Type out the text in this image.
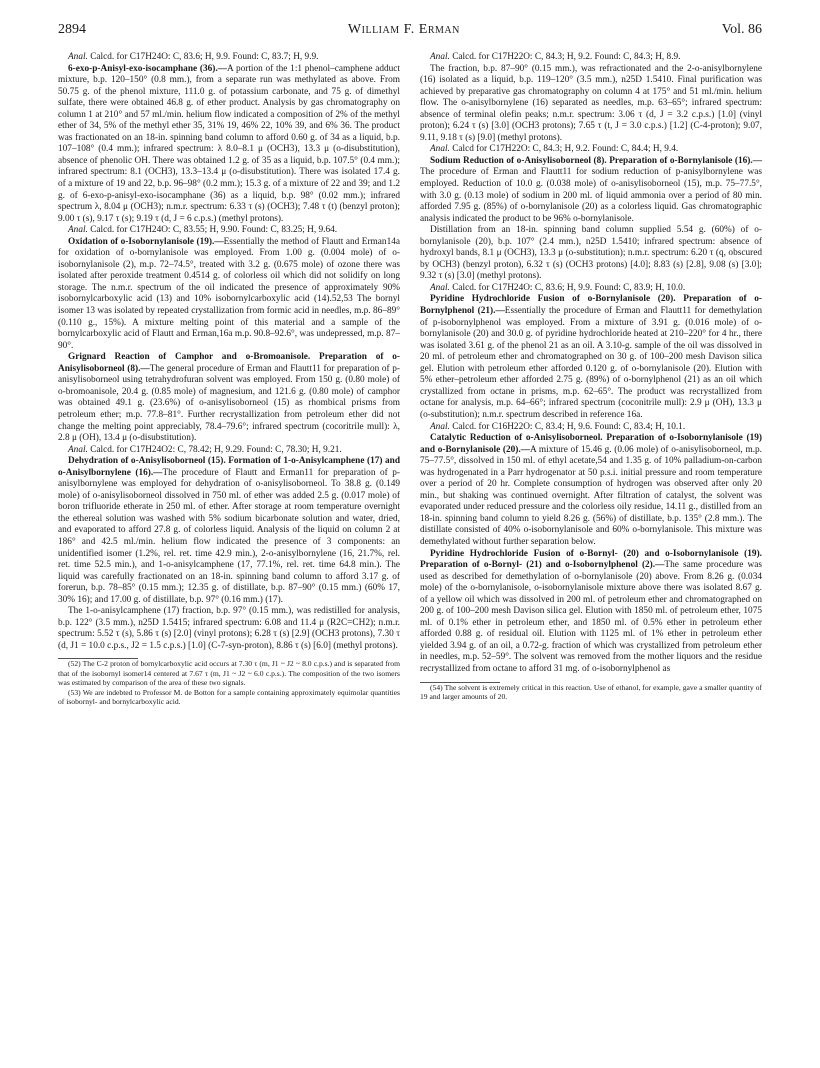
2894	William F. Erman	Vol. 86

Anal. Calcd. for C17H24O: C, 83.6; H, 9.9. Found: C, 83.7; H, 9.9.

6-exo-p-Anisyl-exo-isocamphane (36).—A portion of the 1:1 phenol–camphene adduct mixture, b.p. 120–150° (0.8 mm.), from a separate run was methylated as above. From 50.75 g. of the phenol mixture, 111.0 g. of potassium carbonate, and 75 g. of dimethyl sulfate, there were obtained 46.8 g. of ether product. Analysis by gas chromatography on column 1 at 210° and 57 ml./min. helium flow indicated a composition of 2% of the methyl ether of 34, 5% of the methyl ether 35, 31% 19, 46% 22, 10% 39, and 6% 36. The product was fractionated on an 18-in. spinning band column to afford 0.60 g. of 34 as a liquid, b.p. 107–108° (0.4 mm.); infrared spectrum: λ 8.0–8.1 μ (OCH3), 13.3 μ (o-disubstitution), absence of phenolic OH. There was obtained 1.2 g. of 35 as a liquid, b.p. 107.5° (0.4 mm.); infrared spectrum: 8.1 (OCH3), 13.3–13.4 μ (o-disubstitution). There was isolated 17.4 g. of a mixture of 19 and 22, b.p. 96–98° (0.2 mm.); 15.3 g. of a mixture of 22 and 39; and 1.2 g. of 6-exo-p-anisyl-exo-isocamphane (36) as a liquid, b.p. 98° (0.02 mm.); infrared spectrum λ, 8.04 μ (OCH3); n.m.r. spectrum: 6.33 τ (s) (OCH3); 7.48 τ (t) (benzyl proton); 9.00 τ (s), 9.17 τ (s); 9.19 τ (d, J = 6 c.p.s.) (methyl protons).

Anal. Calcd. for C17H24O: C, 83.55; H, 9.90. Found: C, 83.25; H, 9.64.

Oxidation of o-Isobornylanisole (19).—Essentially the method of Flautt and Erman14a for oxidation of o-bornylanisole was employed. From 1.00 g. (0.004 mole) of o-isobornylanisole (2), m.p. 72–74.5°, treated with 3.2 g. (0.675 mole) of ozone there was isolated after peroxide treatment 0.4514 g. of colorless oil which did not solidify on long storage. The n.m.r. spectrum of the oil indicated the presence of approximately 90% isobornylcarboxylic acid (13) and 10% isobornylcarboxylic acid (14).52,53 The bornyl isomer 13 was isolated by repeated crystallization from formic acid in needles, m.p. 86–89° (0.110 g., 15%). A mixture melting point of this material and a sample of the bornylcarboxylic acid of Flautt and Erman,16a m.p. 90.8–92.6°, was undepressed, m.p. 87–90°.

Grignard Reaction of Camphor and o-Bromoanisole. Preparation of o-Anisylisoborneol (8).—The general procedure of Erman and Flautt11 for preparation of p-anisylisoborneol using tetrahydrofuran solvent was employed. From 150 g. (0.80 mole) of o-bromoanisole, 20.4 g. (0.85 mole) of magnesium, and 121.6 g. (0.80 mole) of camphor was obtained 49.1 g. (23.6%) of o-anisylisoborneol (15) as rhombical prisms from petroleum ether; m.p. 77.8–81°. Further recrystallization from petroleum ether did not change the melting point appreciably, 78.4–79.6°; infrared spectrum (cocoritrile mull): λ, 2.8 μ (OH), 13.4 μ (o-disubstitution).

Anal. Calcd. for C17H24O2: C, 78.42; H, 9.29. Found: C, 78.30; H, 9.21.

Dehydration of o-Anisylisoborneol (15). Formation of 1-o-Anisylcamphene (17) and o-Anisylbornylene (16).—The procedure of Flautt and Erman11 for preparation of p-anisylbornylene was employed for dehydration of o-anisylisoborneol. To 38.8 g. (0.149 mole) of o-anisylisoborneol dissolved in 750 ml. of ether was added 2.5 g. (0.017 mole) of boron trifluoride etherate in 250 ml. of ether. After storage at room temperature overnight the ethereal solution was washed with 5% sodium bicarbonate solution and water, dried, and evaporated to afford 27.8 g. of colorless liquid. Analysis of the liquid on column 2 at 186° and 42.5 ml./min. helium flow indicated the presence of 3 components: an unidentified isomer (1.2%, rel. ret. time 42.9 min.), 2-o-anisylbornylene (16, 21.7%, rel. ret. time 52.5 min.), and 1-o-anisylcamphene (17, 77.1%, rel. ret. time 64.8 min.). The liquid was carefully fractionated on an 18-in. spinning band column to afford 3.17 g. of forerun, b.p. 78–85° (0.15 mm.); 12.35 g. of distillate, b.p. 87–90° (0.15 mm.) (60% 17, 30% 16); and 17.00 g. of distillate, b.p. 97° (0.16 mm.) (17).

The 1-o-anisylcamphene (17) fraction, b.p. 97° (0.15 mm.), was redistilled for analysis, b.p. 122° (3.5 mm.), n25D 1.5415; infrared spectrum: 6.08 and 11.4 μ (R2C=CH2); n.m.r. spectrum: 5.52 τ (s), 5.86 τ (s) [2.0] (vinyl protons); 6.28 τ (s) [2.9] (OCH3 protons), 7.30 τ (d, J1 = 10.0 c.p.s., J2 = 1.5 c.p.s.) [1.0] (C-7-syn-proton), 8.86 τ (s) [6.0] (methyl protons).

(52) The C-2 proton of bornylcarboxylic acid occurs at 7.30 τ (m, J1 ~ J2 ~ 8.0 c.p.s.) and is separated from that of the isobornyl isomer14 centered at 7.67 τ (m, J1 ~ J2 ~ 6.0 c.p.s.). The composition of the two isomers was estimated by comparison of the area of these two signals.

(53) We are indebted to Professor M. de Botton for a sample containing approximately equimolar quantities of isobornyl- and bornylcarboxylic acid.

Anal. Calcd. for C17H22O: C, 84.3; H, 9.2. Found: C, 84.3; H, 8.9.

The fraction, b.p. 87–90° (0.15 mm.), was refractionated and the 2-o-anisylbornylene (16) isolated as a liquid, b.p. 119–120° (3.5 mm.), n25D 1.5410. Final purification was achieved by preparative gas chromatography on column 4 at 175° and 51 ml./min. helium flow. The o-anisylbornylene (16) separated as needles, m.p. 63–65°; infrared spectrum: absence of terminal olefin peaks; n.m.r. spectrum: 3.06 τ (d, J = 3.2 c.p.s.) [1.0] (vinyl proton); 6.24 τ (s) [3.0] (OCH3 protons); 7.65 τ (t, J = 3.0 c.p.s.) [1.2] (C-4-proton); 9.07, 9.11, 9.18 τ (s) [9.0] (methyl protons).

Anal. Calcd for C17H22O: C, 84.3; H, 9.2. Found: C, 84.4; H, 9.4.

Sodium Reduction of o-Anisylisoborneol (8). Preparation of o-Bornylanisole (16).—The procedure of Erman and Flautt11 for sodium reduction of p-anisylbornylene was employed. Reduction of 10.0 g. (0.038 mole) of o-anisylisoborneol (15), m.p. 75–77.5°, with 3.0 g. (0.13 mole) of sodium in 200 ml. of liquid ammonia over a period of 80 min. afforded 7.95 g. (85%) of o-bornylanisole (20) as a colorless liquid. Gas chromatographic analysis indicated the product to be 96% o-bornylanisole.

Distillation from an 18-in. spinning band column supplied 5.54 g. (60%) of o-bornylanisole (20), b.p. 107° (2.4 mm.), n25D 1.5410; infrared spectrum: absence of hydroxyl bands, 8.1 μ (OCH3), 13.3 μ (o-substitution); n.m.r. spectrum: 6.20 τ (q, obscured by OCH3) (benzyl proton), 6.32 τ (s) (OCH3 protons) [4.0]; 8.83 (s) [2.8], 9.08 (s) [3.0]; 9.32 τ (s) [3.0] (methyl protons).

Anal. Calcd. for C17H24O: C, 83.6; H, 9.9. Found: C, 83.9; H, 10.0.

Pyridine Hydrochloride Fusion of o-Bornylanisole (20). Preparation of o-Bornylphenol (21).—Essentially the procedure of Erman and Flautt11 for demethylation of p-isobornylphenol was employed. From a mixture of 3.91 g. (0.016 mole) of o-bornylanisole (20) and 30.0 g. of pyridine hydrochloride heated at 210–220° for 4 hr., there was isolated 3.61 g. of the phenol 21 as an oil. A 3.10-g. sample of the oil was dissolved in 20 ml. of petroleum ether and chromatographed on 30 g. of 100–200 mesh Davison silica gel. Elution with petroleum ether afforded 0.120 g. of o-bornylanisole (20). Elution with 5% ether–petroleum ether afforded 2.75 g. (89%) of o-bornylphenol (21) as an oil which crystallized from octane in prisms, m.p. 62–65°. The product was recrystallized from octane for analysis, m.p. 64–66°; infrared spectrum (coconitrile mull): 2.9 μ (OH), 13.3 μ (o-substitution); n.m.r. spectrum described in reference 16a.

Anal. Calcd. for C16H22O: C, 83.4; H, 9.6. Found: C, 83.4; H, 10.1.

Catalytic Reduction of o-Anisylisoborneol. Preparation of o-Isobornylanisole (19) and o-Bornylanisole (20).—A mixture of 15.46 g. (0.06 mole) of o-anisylisoborneol, m.p. 75–77.5°, dissolved in 150 ml. of ethyl acetate,54 and 1.35 g. of 10% palladium-on-carbon was hydrogenated in a Parr hydrogenator at 50 p.s.i. initial pressure and room temperature over a period of 20 hr. Complete consumption of hydrogen was observed after only 20 min., but shaking was continued overnight. After filtration of catalyst, the solvent was evaporated under reduced pressure and the colorless oily residue, 14.11 g., distilled from an 18-in. spinning band column to yield 8.26 g. (56%) of distillate, b.p. 135° (2.8 mm.). The distillate consisted of 40% o-isobornylanisole and 60% o-bornylanisole. This mixture was demethylated without further separation below.

Pyridine Hydrochloride Fusion of o-Bornyl- (20) and o-Isobornylanisole (19). Preparation of o-Bornyl- (21) and o-Isobornylphenol (2).—The same procedure was used as described for demethylation of o-bornylanisole (20) above. From 8.26 g. (0.034 mole) of the o-bornylanisole, o-isobornylanisole mixture above there was isolated 8.67 g. of a yellow oil which was dissolved in 200 ml. of petroleum ether and chromatographed on 200 g. of 100–200 mesh Davison silica gel. Elution with 1850 ml. of petroleum ether, 1075 ml. of 0.1% ether in petroleum ether, and 1850 ml. of 0.5% ether in petroleum ether afforded 0.88 g. of residual oil. Elution with 1125 ml. of 1% ether in petroleum ether yielded 3.94 g. of an oil, a 0.72-g. fraction of which was crystallized from petroleum ether in needles, m.p. 52–59°. The solvent was removed from the mother liquors and the residue recrystallized from octane to afford 31 mg. of o-isobornylphenol as

(54) The solvent is extremely critical in this reaction. Use of ethanol, for example, gave a smaller quantity of 19 and larger amounts of 20.
